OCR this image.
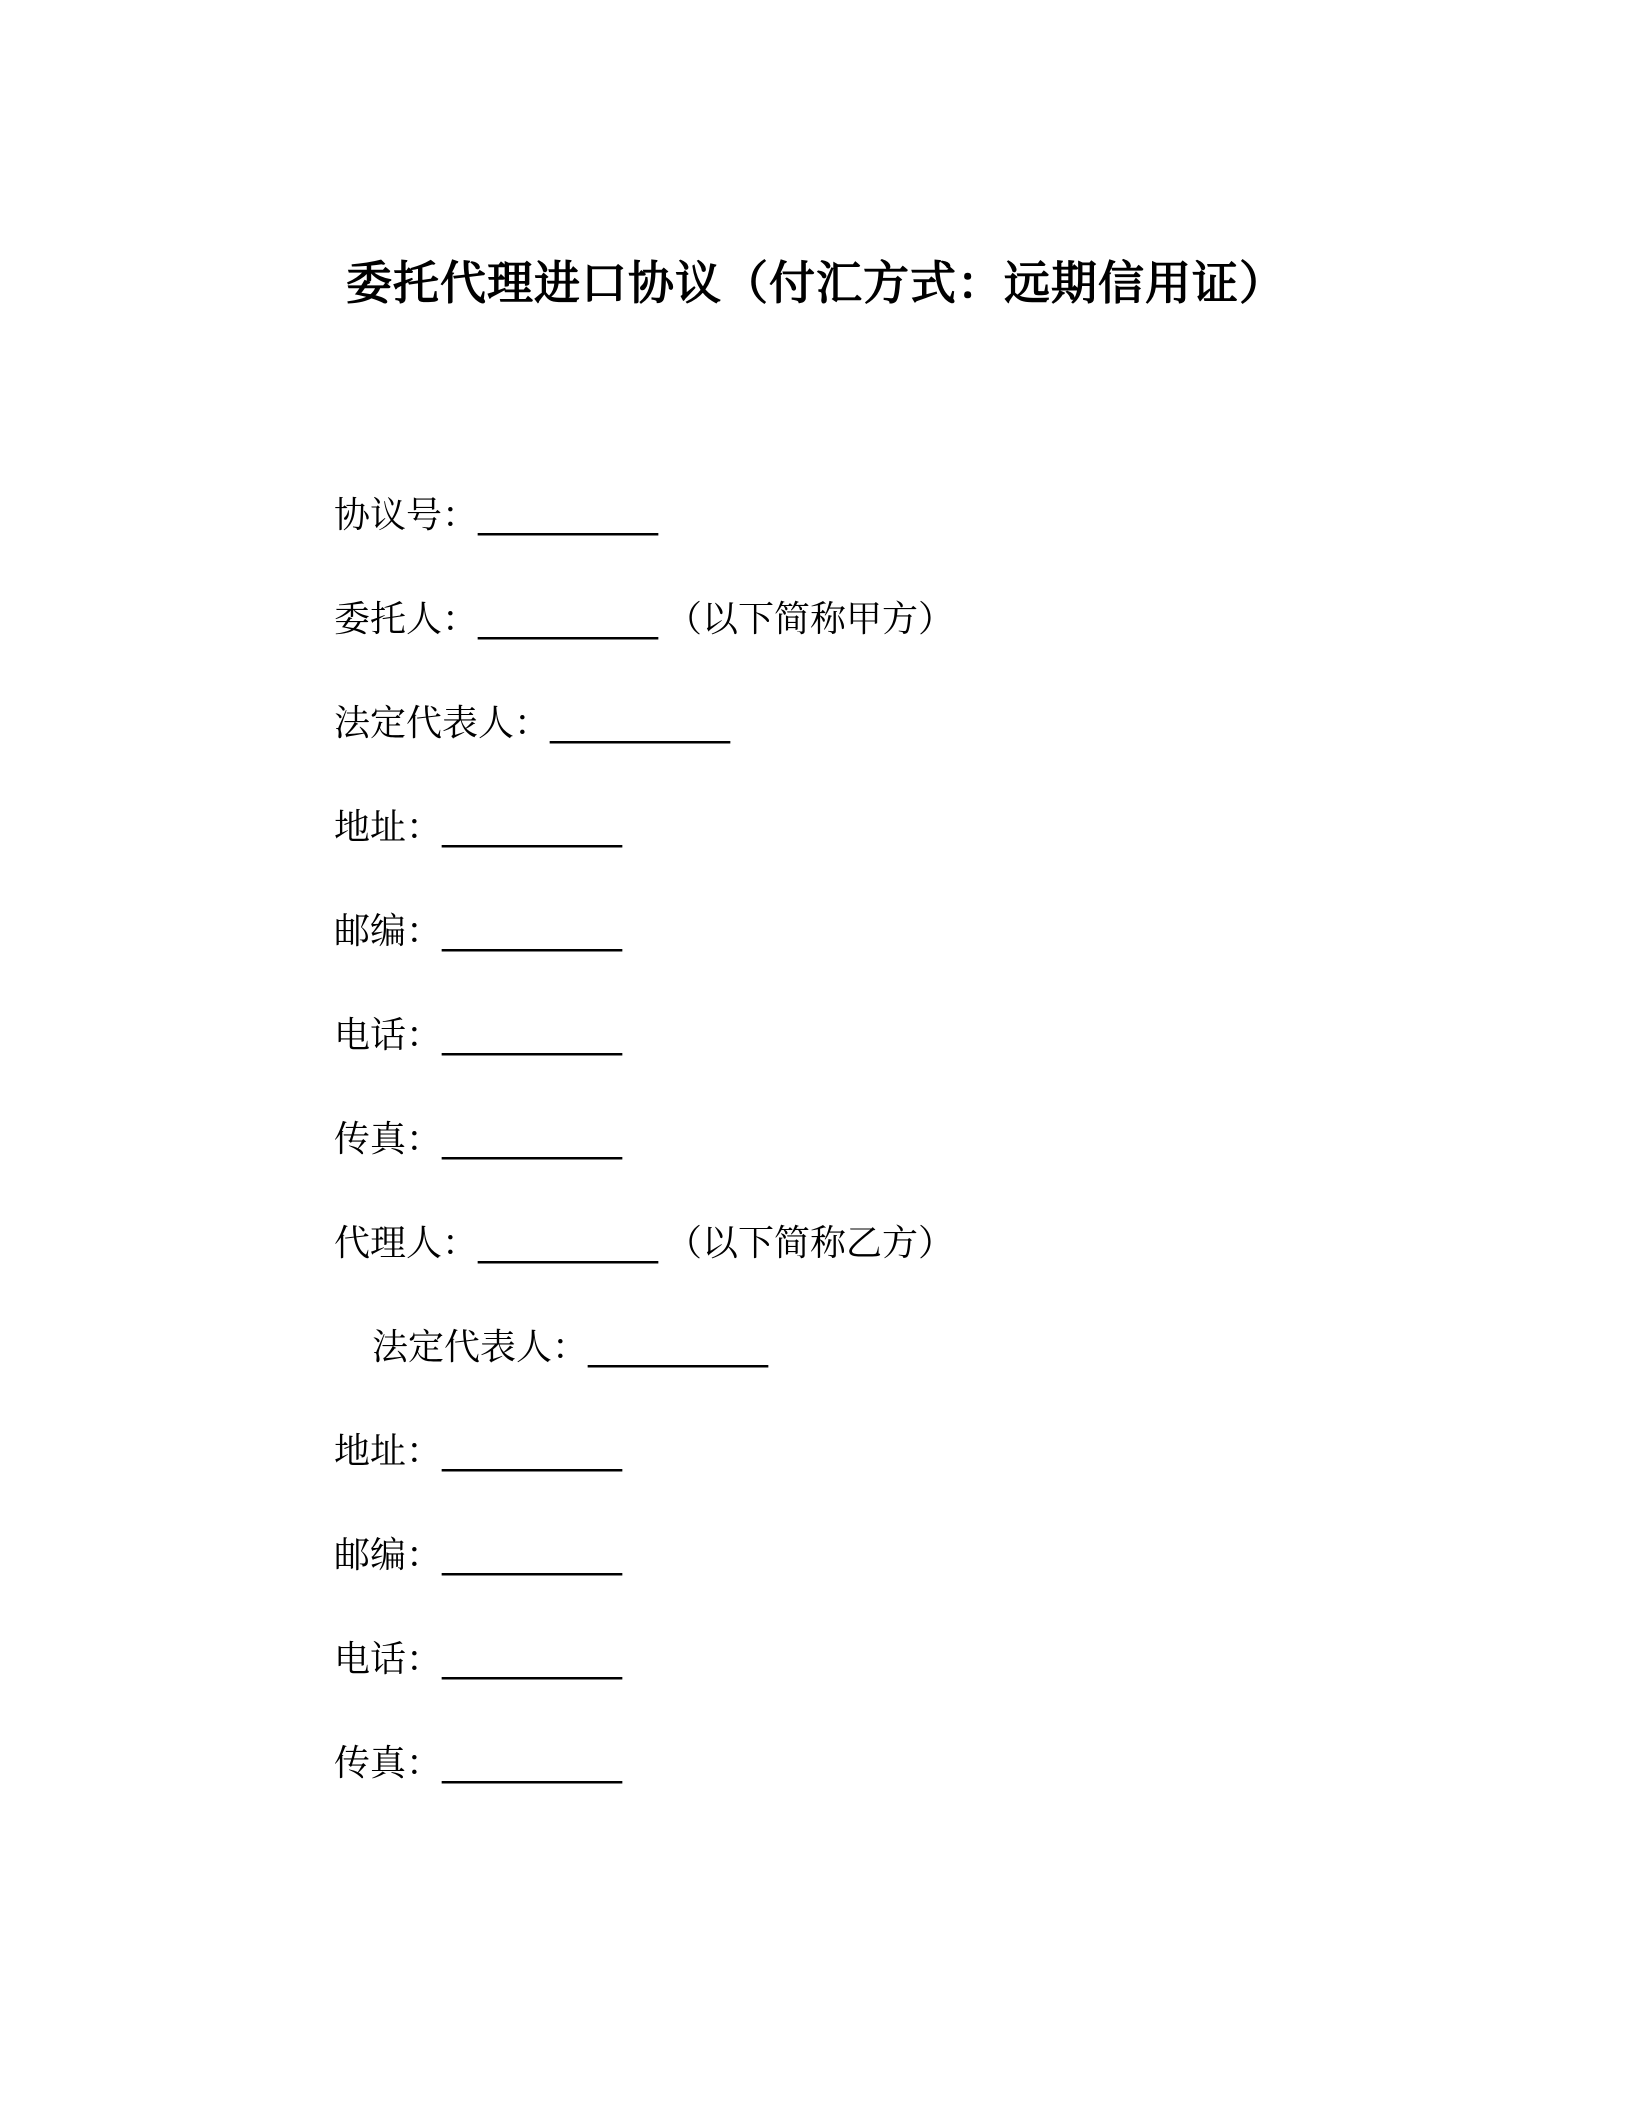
委托代理进口协议（付汇方式：远期信用证）
协议号：__________
委托人：__________ （以下简称甲方）
法定代表人：__________
地址：__________
邮编：__________
电话：__________
传真：__________
代理人：__________ （以下简称乙方）
法定代表人：__________
地址：__________
邮编：__________
电话：__________
传真：__________
